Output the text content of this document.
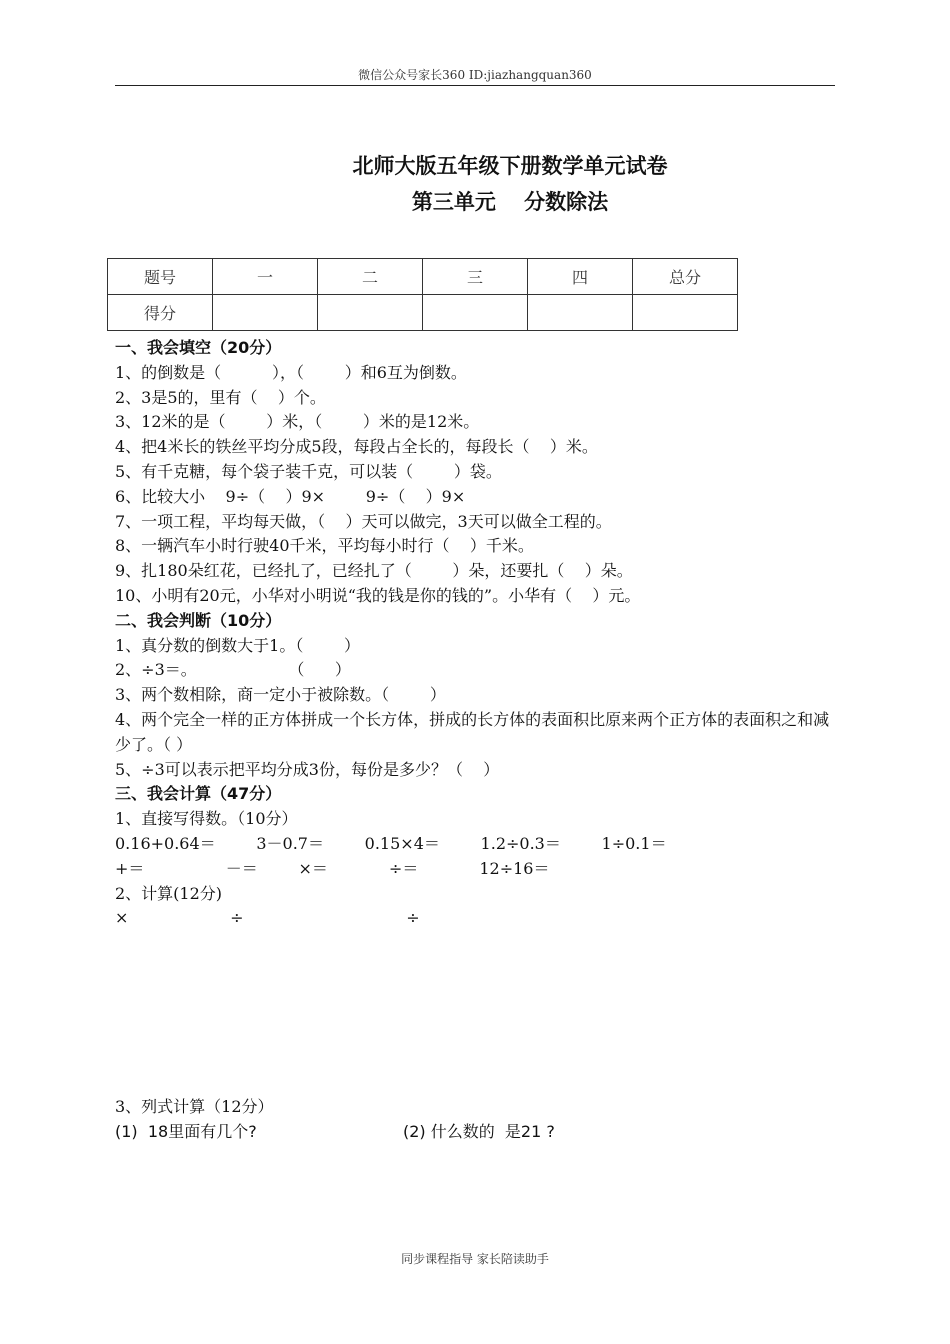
微信公众号家长360 ID:jiazhangquan360
北师大版五年级下册数学单元试卷
第三单元　 分数除法
题号	一	二	三	四	总分
得分					
一、我会填空（20分）
1、的倒数是（          ），（        ）和6互为倒数。
2、3是5的，里有（    ）个。
3、12米的是（        ）米，（        ）米的是12米。
4、把4米长的铁丝平均分成5段，每段占全长的，每段长（    ）米。
5、有千克糖，每个袋子装千克，可以装（        ）袋。
6、比较大小    9÷（    ）9×        9÷（    ）9×
7、一项工程，平均每天做，（    ）天可以做完，3天可以做全工程的。
8、一辆汽车小时行驶40千米，平均每小时行（    ）千米。
9、扎180朵红花，已经扎了，已经扎了（        ）朵，还要扎（    ）朵。
10、小明有20元，小华对小明说“我的钱是你的钱的”。小华有（    ）元。
二、我会判断（10分）
1、真分数的倒数大于1。（        ）
2、÷3＝。                  （      ）
3、两个数相除，商一定小于被除数。（        ）
4、两个完全一样的正方体拼成一个长方体，拼成的长方体的表面积比原来两个正方体的表面积之和减少了。（ ）
5、÷3可以表示把平均分成3份，每份是多少？（    ）
三、我会计算（47分）
1、直接写得数。（10分）
0.16+0.64＝        3－0.7＝        0.15×4＝        1.2÷0.3＝        1÷0.1＝
+＝                －＝        ×＝            ÷＝            12÷16＝
2、计算(12分)
×                    ÷                                ÷
3、列式计算（12分）
(1)  18里面有几个?	(2) 什么数的  是21 ?
同步课程指导 家长陪读助手
